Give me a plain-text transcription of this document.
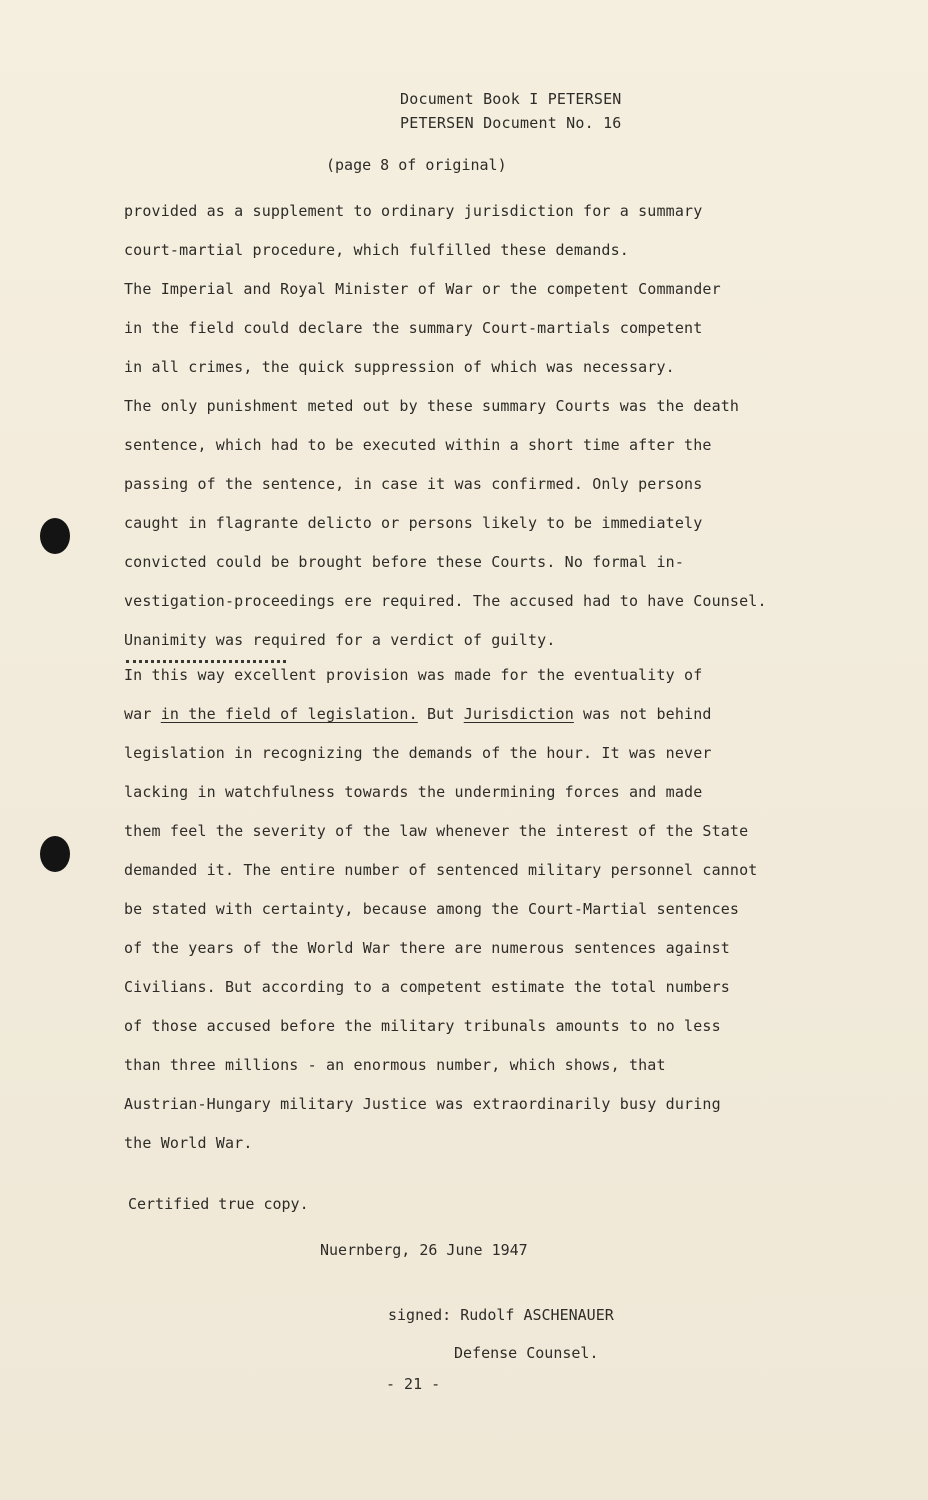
Document Book I PETERSEN
PETERSEN Document No. 16
(page 8 of original)
provided as a supplement to ordinary jurisdiction for a summary
court-martial procedure, which fulfilled these demands.
The Imperial and Royal Minister of War or the competent Commander
in the field could declare the summary Court-martials competent
in all crimes, the quick suppression of which was necessary.
The only punishment meted out by these summary Courts was the death
sentence, which had to be executed within a short time after the
passing of the sentence, in case it was confirmed. Only persons
caught in flagrante delicto or persons likely to be immediately
convicted could be brought before these Courts. No formal in-
vestigation-proceedings ere required. The accused had to have Counsel.
Unanimity was required for a verdict of guilty.
In this way excellent provision was made for the eventuality of
war in the field of legislation. But Jurisdiction was not behind
legislation in recognizing the demands of the hour. It was never
lacking in watchfulness towards the undermining forces and made
them feel the severity of the law whenever the interest of the State
demanded it. The entire number of sentenced military personnel cannot
be stated with certainty, because among the Court-Martial sentences
of the years of the World War there are numerous sentences against
Civilians. But according to a competent estimate the total numbers
of those accused before the military tribunals amounts to no less
than three millions - an enormous number, which shows, that
Austrian-Hungary military Justice was extraordinarily busy during
the World War.
Certified true copy.
Nuernberg, 26 June 1947
signed: Rudolf ASCHENAUER
Defense Counsel.
- 21 -
